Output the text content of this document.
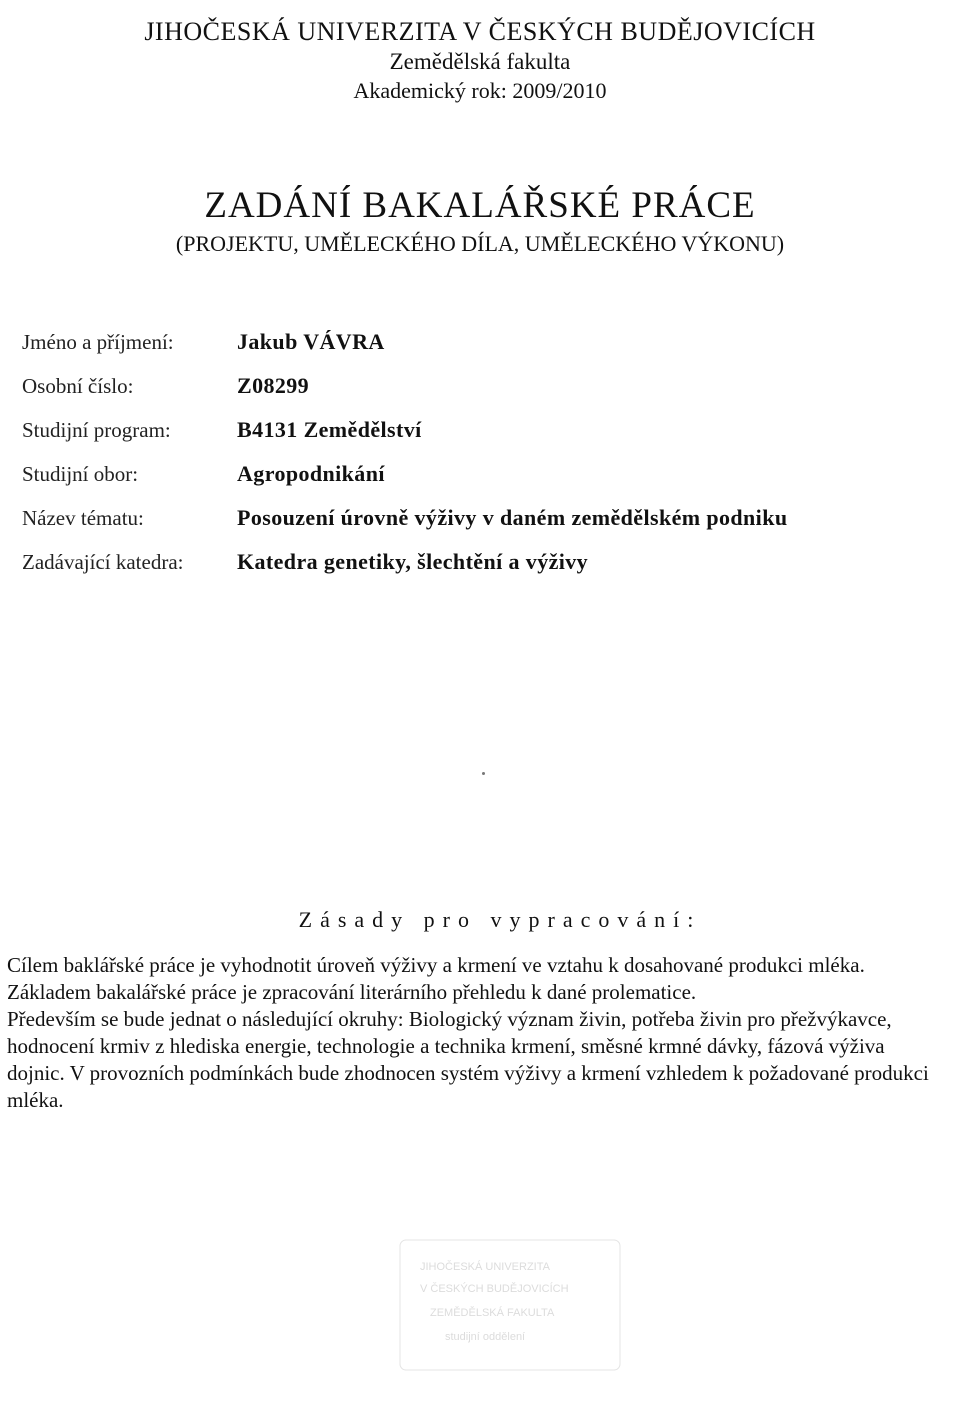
JIHOČESKÁ UNIVERZITA V ČESKÝCH BUDĚJOVICÍCH
Zemědělská fakulta
Akademický rok: 2009/2010
ZADÁNÍ BAKALÁŘSKÉ PRÁCE
(PROJEKTU, UMĚLECKÉHO DÍLA, UMĚLECKÉHO VÝKONU)
Jméno a příjmení:	Jakub VÁVRA
Osobní číslo:	Z08299
Studijní program:	B4131 Zemědělství
Studijní obor:	Agropodnikání
Název tématu:	Posouzení úrovně výživy v daném zemědělském podniku
Zadávající katedra:	Katedra genetiky, šlechtění a výživy
Zásady pro vypracování:

Cílem baklářské práce je vyhodnotit úroveň výživy a krmení ve vztahu k dosahované produkci mléka.

Základem bakalářské práce je zpracování literárního přehledu k dané prolematice.

Především se bude jednat o následující okruhy: Biologický význam živin, potřeba živin pro přežvýkavce, hodnocení krmiv z hlediska energie, technologie a technika krmení, směsné krmné dávky, fázová výživa dojnic. V provozních podmínkách bude zhodnocen systém výživy a krmení vzhledem k požadované produkci mléka.

JIHOČESKÁ UNIVERZITA
V ČESKÝCH BUDĚJOVICÍCH
ZEMĚDĚLSKÁ FAKULTA
studijní oddělení
